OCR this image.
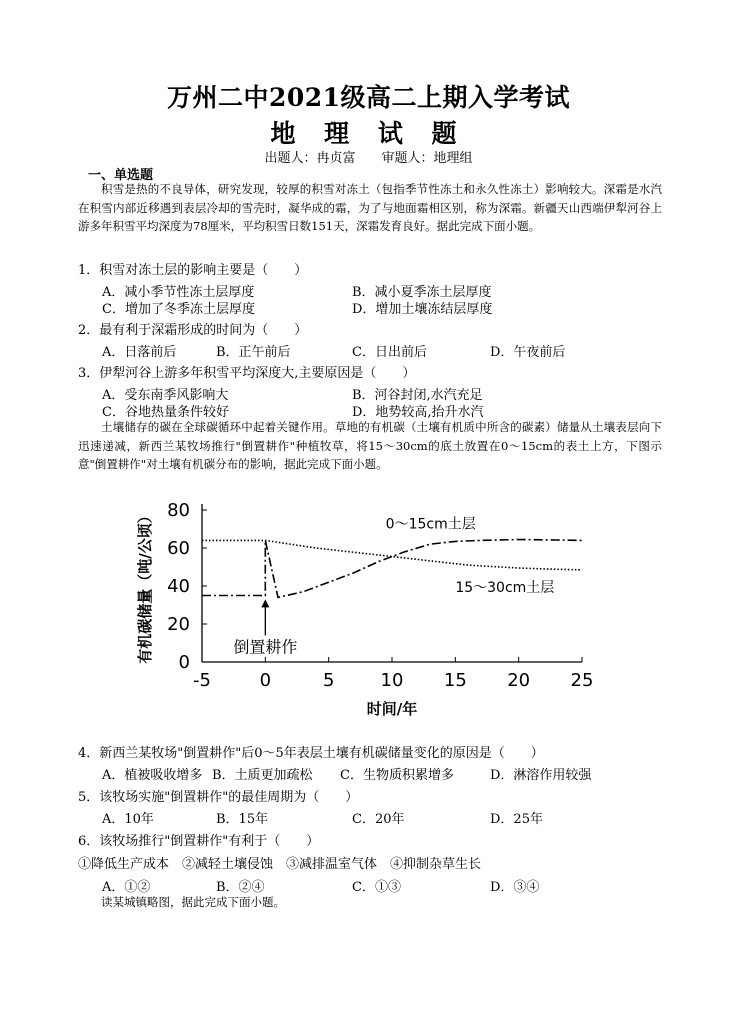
万州二中2021级高二上期入学考试
地 理 试 题
出题人：冉贞富　　审题人：地理组
一、单选题
积雪是热的不良导体，研究发现，较厚的积雪对冻土（包指季节性冻土和永久性冻土）影响较大。深霜是水汽在积雪内部近移遇到表层冷却的雪壳时，凝华成的霜，为了与地面霜相区别，称为深霜。新疆天山西端伊犁河谷上游多年积雪平均深度为78厘米，平均积雪日数151天，深霜发育良好。据此完成下面小题。
1．积雪对冻土层的影响主要是（　　）
A．减小季节性冻土层厚度	B．减小夏季冻土层厚度
C．增加了冬季冻土层厚度	D．增加土壤冻结层厚度
2．最有利于深霜形成的时间为（　　）
A．日落前后	B．正午前后	C．日出前后	D．午夜前后
3．伊犁河谷上游多年积雪平均深度大,主要原因是（　　）
A．受东南季风影响大	B．河谷封闭,水汽充足
C．谷地热量条件较好	D．地势较高,抬升水汽
土壤储存的碳在全球碳循环中起着关键作用。草地的有机碳（土壤有机质中所含的碳素）储量从土壤表层向下迅速递减，新西兰某牧场推行"倒置耕作"种植牧草，将15～30cm的底土放置在0～15cm的表土上方，下图示意"倒置耕作"对土壤有机碳分布的影响，据此完成下面小题。
-5	0	5	10 15 20 25
0
20
40
60
80
时间/年
有机碳储量（吨/公顷）	0～15cm土层
15～30cm土层
倒置耕作
4．新西兰某牧场"倒置耕作"后0～5年表层土壤有机碳储量变化的原因是（　　）
A．植被吸收增多 B．土质更加疏松 C．生物质积累增多	D．淋溶作用较强
5．该牧场实施"倒置耕作"的最佳周期为（　　）
A．10年	B．15年	C．20年	D．25年
6．该牧场推行"倒置耕作"有利于（　　）
①降低生产成本　②减轻土壤侵蚀　③减排温室气体　④抑制杂草生长
A．①②	B．②④	C．①③	D．③④
读某城镇略图，据此完成下面小题。
